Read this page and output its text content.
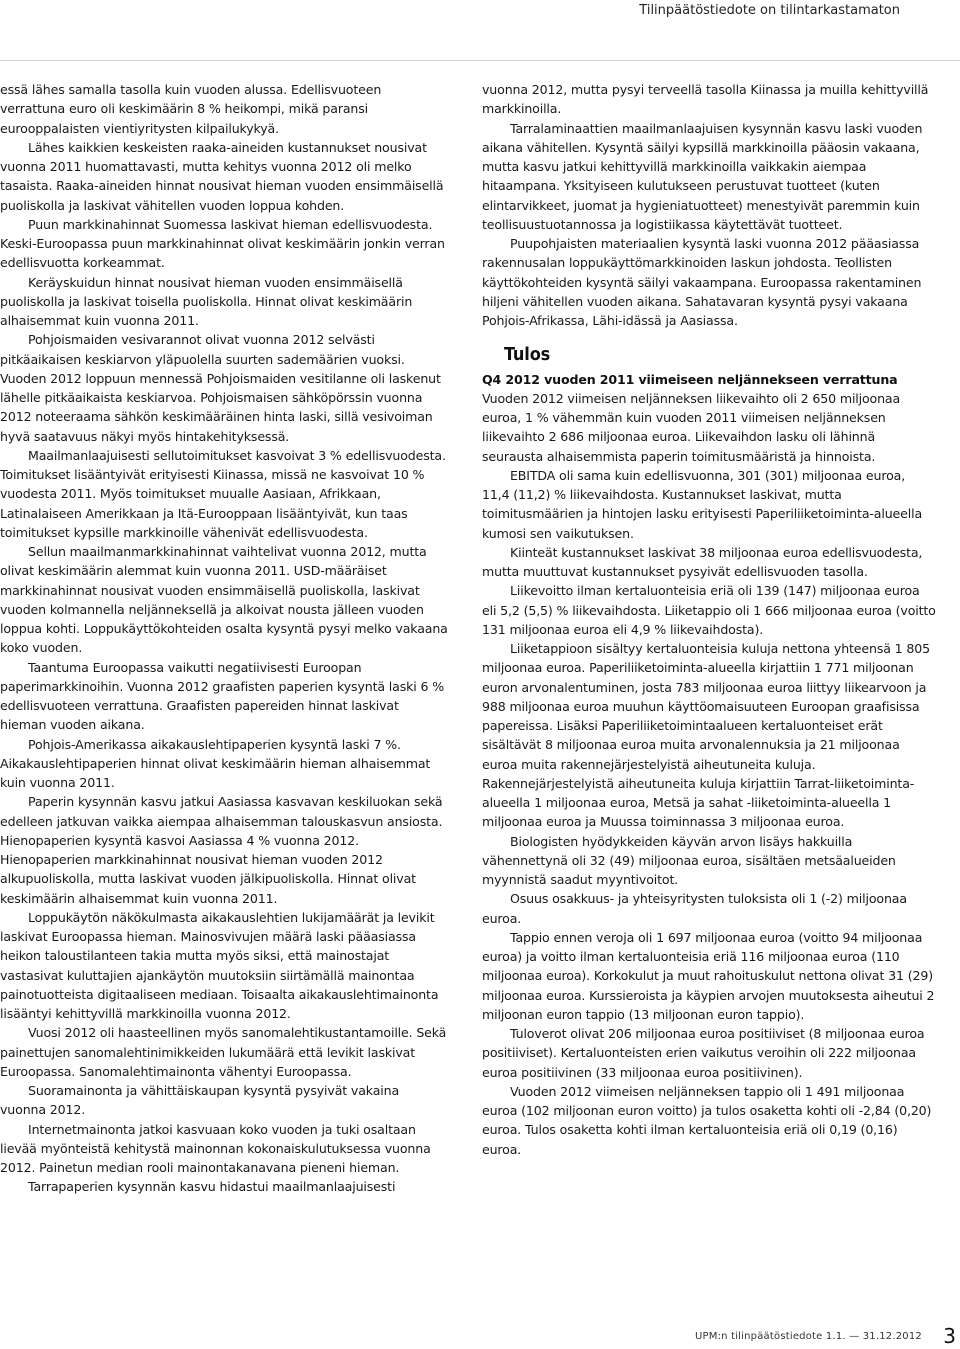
Tilinpäätöstiedote on tilintarkastamaton

essä lähes samalla tasolla kuin vuoden alussa. Edellisvuoteen verrattuna euro oli keskimäärin 8 % heikompi, mikä paransi eurooppalaisten vientiyritysten kilpailukykyä.

Lähes kaikkien keskeisten raaka-aineiden kustannukset nousivat vuonna 2011 huomattavasti, mutta kehitys vuonna 2012 oli melko tasaista. Raaka-aineiden hinnat nousivat hieman vuoden ensimmäisellä puoliskolla ja laskivat vähitellen vuoden loppua kohden.

Puun markkinahinnat Suomessa laskivat hieman edellisvuodesta. Keski-Euroopassa puun markkinahinnat olivat keskimäärin jonkin verran edellisvuotta korkeammat.

Keräyskuidun hinnat nousivat hieman vuoden ensimmäisellä puoliskolla ja laskivat toisella puoliskolla. Hinnat olivat keskimäärin alhaisemmat kuin vuonna 2011.

Pohjoismaiden vesivarannot olivat vuonna 2012 selvästi pitkäaikaisen keskiarvon yläpuolella suurten sademäärien vuoksi. Vuoden 2012 loppuun mennessä Pohjoismaiden vesitilanne oli laskenut lähelle pitkäaikaista keskiarvoa. Pohjoismaisen sähköpörssin vuonna 2012 noteeraama sähkön keskimääräinen hinta laski, sillä vesivoiman hyvä saatavuus näkyi myös hintakehityksessä.

Maailmanlaajuisesti sellutoimitukset kasvoivat 3 % edellisvuodesta. Toimitukset lisääntyivät erityisesti Kiinassa, missä ne kasvoivat 10 % vuodesta 2011. Myös toimitukset muualle Aasiaan, Afrikkaan, Latinalaiseen Amerikkaan ja Itä-Eurooppaan lisääntyivät, kun taas toimitukset kypsille markkinoille vähenivät edellisvuodesta.

Sellun maailmanmarkkinahinnat vaihtelivat vuonna 2012, mutta olivat keskimäärin alemmat kuin vuonna 2011. USD-määräiset markkinahinnat nousivat vuoden ensimmäisellä puoliskolla, laskivat vuoden kolmannella neljänneksellä ja alkoivat nousta jälleen vuoden loppua kohti. Loppukäyttökohteiden osalta kysyntä pysyi melko vakaana koko vuoden.

Taantuma Euroopassa vaikutti negatiivisesti Euroopan paperimarkkinoihin. Vuonna 2012 graafisten paperien kysyntä laski 6 % edellisvuoteen verrattuna. Graafisten papereiden hinnat laskivat hieman vuoden aikana.

Pohjois-Amerikassa aikakauslehtipaperien kysyntä laski 7 %. Aikakauslehtipaperien hinnat olivat keskimäärin hieman alhaisemmat kuin vuonna 2011.

Paperin kysynnän kasvu jatkui Aasiassa kasvavan keskiluokan sekä edelleen jatkuvan vaikka aiempaa alhaisemman talouskasvun ansiosta. Hienopaperien kysyntä kasvoi Aasiassa 4 % vuonna 2012. Hienopaperien markkinahinnat nousivat hieman vuoden 2012 alkupuoliskolla, mutta laskivat vuoden jälkipuoliskolla. Hinnat olivat keskimäärin alhaisemmat kuin vuonna 2011.

Loppukäytön näkökulmasta aikakauslehtien lukijamäärät ja levikit laskivat Euroopassa hieman. Mainosvivujen määrä laski pääasiassa heikon taloustilanteen takia mutta myös siksi, että mainostajat vastasivat kuluttajien ajankäytön muutoksiin siirtämällä mainontaa painotuotteista digitaaliseen mediaan. Toisaalta aikakauslehtimainonta lisääntyi kehittyvillä markkinoilla vuonna 2012.

Vuosi 2012 oli haasteellinen myös sanomalehtikustantamoille. Sekä painettujen sanomalehtinimikkeiden lukumäärä että levikit laskivat Euroopassa. Sanomalehtimainonta vähentyi Euroopassa.

Suoramainonta ja vähittäiskaupan kysyntä pysyivät vakaina vuonna 2012.

Internetmainonta jatkoi kasvuaan koko vuoden ja tuki osaltaan lievää myönteistä kehitystä mainonnan kokonaiskulutuksessa vuonna 2012. Painetun median rooli mainontakanavana pieneni hieman.

Tarrapaperien kysynnän kasvu hidastui maailmanlaajuisesti

vuonna 2012, mutta pysyi terveellä tasolla Kiinassa ja muilla kehittyvillä markkinoilla.

Tarralaminaattien maailmanlaajuisen kysynnän kasvu laski vuoden aikana vähitellen. Kysyntä säilyi kypsillä markkinoilla pääosin vakaana, mutta kasvu jatkui kehittyvillä markkinoilla vaikkakin aiempaa hitaampana. Yksityiseen kulutukseen perustuvat tuotteet (kuten elintarvikkeet, juomat ja hygieniatuotteet) menestyivät paremmin kuin teollisuustuotannossa ja logistiikassa käytettävät tuotteet.

Puupohjaisten materiaalien kysyntä laski vuonna 2012 pääasiassa rakennusalan loppukäyttömarkkinoiden laskun johdosta. Teollisten käyttökohteiden kysyntä säilyi vakaampana. Euroopassa rakentaminen hiljeni vähitellen vuoden aikana. Sahatavaran kysyntä pysyi vakaana Pohjois-Afrikassa, Lähi-idässä ja Aasiassa.

Tulos
Q4 2012 vuoden 2011 viimeiseen neljännekseen verrattuna

Vuoden 2012 viimeisen neljänneksen liikevaihto oli 2 650 miljoonaa euroa, 1 % vähemmän kuin vuoden 2011 viimeisen neljänneksen liikevaihto 2 686 miljoonaa euroa. Liikevaihdon lasku oli lähinnä seurausta alhaisemmista paperin toimitusmääristä ja hinnoista.

EBITDA oli sama kuin edellisvuonna, 301 (301) miljoonaa euroa, 11,4 (11,2) % liikevaihdosta. Kustannukset laskivat, mutta toimitusmäärien ja hintojen lasku erityisesti Paperiliiketoiminta-alueella kumosi sen vaikutuksen.

Kiinteät kustannukset laskivat 38 miljoonaa euroa edellisvuodesta, mutta muuttuvat kustannukset pysyivät edellisvuoden tasolla.

Liikevoitto ilman kertaluonteisia eriä oli 139 (147) miljoonaa euroa eli 5,2 (5,5) % liikevaihdosta. Liiketappio oli 1 666 miljoonaa euroa (voitto 131 miljoonaa euroa eli 4,9 % liikevaihdosta).

Liiketappioon sisältyy kertaluonteisia kuluja nettona yhteensä 1 805 miljoonaa euroa. Paperiliiketoiminta-alueella kirjattiin 1 771 miljoonan euron arvonalentuminen, josta 783 miljoonaa euroa liittyy liikearvoon ja 988 miljoonaa euroa muuhun käyttöomaisuuteen Euroopan graafisissa papereissa. Lisäksi Paperiliiketoimintaalueen kertaluonteiset erät sisältävät 8 miljoonaa euroa muita arvonalennuksia ja 21 miljoonaa euroa muita rakennejärjestelyistä aiheutuneita kuluja. Rakennejärjestelyistä aiheutuneita kuluja kirjattiin Tarrat-liiketoiminta-alueella 1 miljoonaa euroa, Metsä ja sahat -liiketoiminta-alueella 1 miljoonaa euroa ja Muussa toiminnassa 3 miljoonaa euroa.

Biologisten hyödykkeiden käyvän arvon lisäys hakkuilla vähennettynä oli 32 (49) miljoonaa euroa, sisältäen metsäalueiden myynnistä saadut myyntivoitot.

Osuus osakkuus- ja yhteisyritysten tuloksista oli 1 (-2) miljoonaa euroa.

Tappio ennen veroja oli 1 697 miljoonaa euroa (voitto 94 miljoonaa euroa) ja voitto ilman kertaluonteisia eriä 116 miljoonaa euroa (110 miljoonaa euroa). Korkokulut ja muut rahoituskulut nettona olivat 31 (29) miljoonaa euroa. Kurssieroista ja käypien arvojen muutoksesta aiheutui 2 miljoonan euron tappio (13 miljoonan euron tappio).

Tuloverot olivat 206 miljoonaa euroa positiiviset (8 miljoonaa euroa positiiviset). Kertaluonteisten erien vaikutus veroihin oli 222 miljoonaa euroa positiivinen (33 miljoonaa euroa positiivinen).

Vuoden 2012 viimeisen neljänneksen tappio oli 1 491 miljoonaa euroa (102 miljoonan euron voitto) ja tulos osaketta kohti oli -2,84 (0,20) euroa. Tulos osaketta kohti ilman kertaluonteisia eriä oli 0,19 (0,16) euroa.

UPM:n tilinpäätöstiedote 1.1. — 31.12.2012 3
